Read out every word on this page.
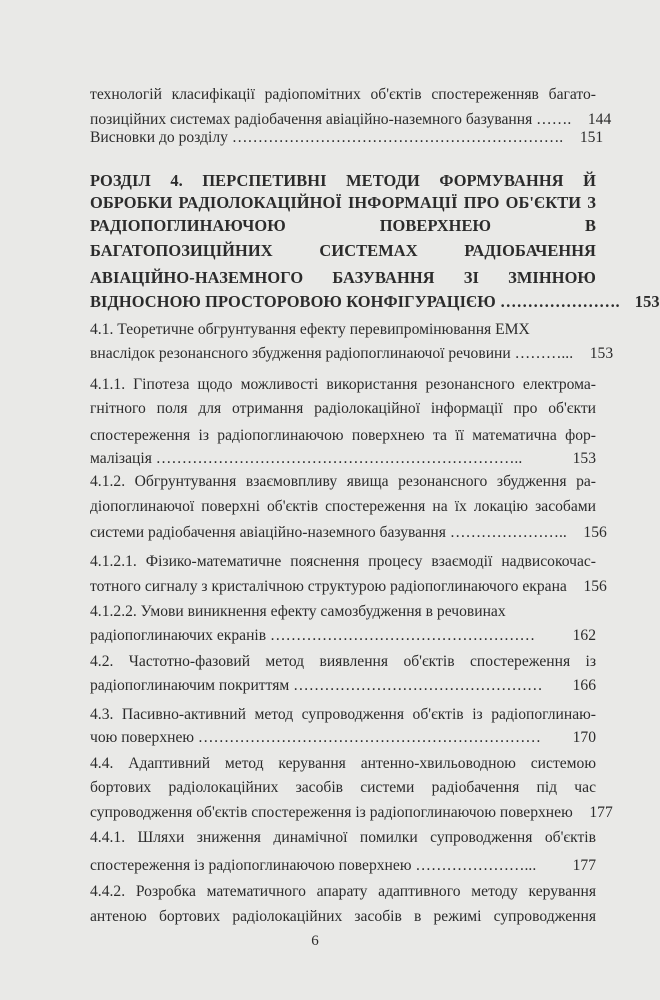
технологій класифікації радіопомітних об'єктів спостереженняв багато-
позиційних системах радіобачення авіаційно-наземного базування …….	144
Висновки до розділу ……………………………………………………….	151
РОЗДІЛ 4. ПЕРСПЕТИВНІ МЕТОДИ ФОРМУВАННЯ Й
ОБРОБКИ РАДІОЛОКАЦІЙНОЇ ІНФОРМАЦІЇ ПРО ОБ'ЄКТИ З
РАДІОПОГЛИНАЮЧОЮ ПОВЕРХНЕЮ В
БАГАТОПОЗИЦІЙНИХ СИСТЕМАХ РАДІОБАЧЕННЯ
АВІАЦІЙНО-НАЗЕМНОГО БАЗУВАННЯ ЗІ ЗМІННОЮ
ВІДНОСНОЮ ПРОСТОРОВОЮ КОНФІГУРАЦІЄЮ …………………. 153
4.1. Теоретичне обгрунтування ефекту перевипромінювання ЕМХ
внаслідок резонансного збудження радіопоглинаючої речовини ………...	153
4.1.1. Гіпотеза щодо можливості використання резонансного електрома-
гнітного поля для отримання радіолокаційної інформації про об'єкти
спостереження із радіопоглинаючою поверхнею та її математична фор-
малізація ……………………………………………………………..	153
4.1.2. Обгрунтування взаємовпливу явища резонансного збудження ра-
діопоглинаючої поверхні об'єктів спостереження на їх локацію засобами
системи радіобачення авіаційно-наземного базування …………………..	156
4.1.2.1. Фізико-математичне пояснення процесу взаємодії надвисокочас-
тотного сигналу з кристалічною структурою радіопоглинаючого екрана	156
4.1.2.2. Умови виникнення ефекту самозбудження в речовинах
радіопоглинаючих екранів ……………………………………………	162
4.2. Частотно-фазовий метод виявлення об'єктів спостереження із
радіопоглинаючим покриттям …………………………………………	166
4.3. Пасивно-активний метод супроводження об'єктів із радіопоглинаю-
чою поверхнею …………………………………………………………	170
4.4. Адаптивний метод керування антенно-хвильоводною системою
бортових радіолокаційних засобів системи радіобачення під час
супроводження об'єктів спостереження із радіопоглинаючою поверхнею	177
4.4.1. Шляхи зниження динамічної помилки супроводження об'єктів
спостереження із радіопоглинаючою поверхнею …………………...	177
4.4.2. Розробка математичного апарату адаптивного методу керування
антеною бортових радіолокаційних засобів в режимі супроводження
6
